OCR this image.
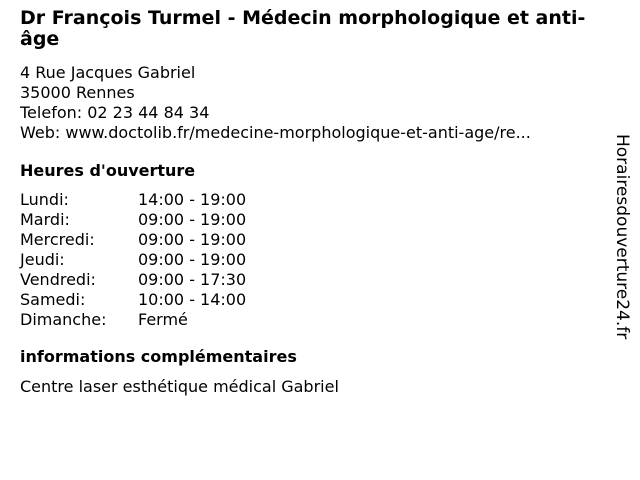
Dr François Turmel - Médecin morphologique et anti-âge
4 Rue Jacques Gabriel
35000 Rennes
Telefon: 02 23 44 84 34
Web: www.doctolib.fr/medecine-morphologique-et-anti-age/re...
Heures d'ouverture
Lundi:	14:00 - 19:00
Mardi:	09:00 - 19:00
Mercredi:	09:00 - 19:00
Jeudi:	09:00 - 19:00
Vendredi:	09:00 - 17:30
Samedi:	10:00 - 14:00
Dimanche:	Fermé
informations complémentaires
Centre laser esthétique médical Gabriel
Horairesdouverture24.fr
